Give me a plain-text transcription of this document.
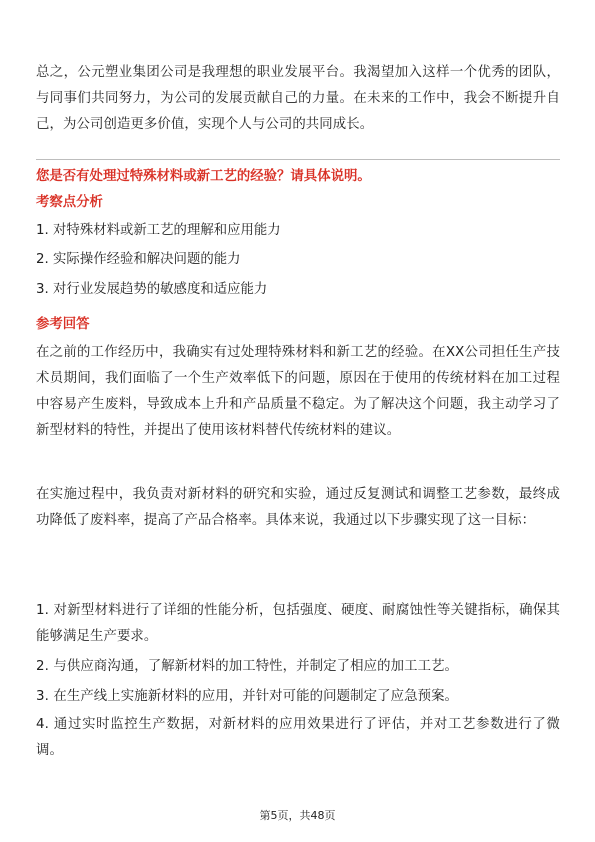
总之，公元塑业集团公司是我理想的职业发展平台。我渴望加入这样一个优秀的团队，与同事们共同努力，为公司的发展贡献自己的力量。在未来的工作中，我会不断提升自己，为公司创造更多价值，实现个人与公司的共同成长。

您是否有处理过特殊材料或新工艺的经验？请具体说明。

考察点分析

1. 对特殊材料或新工艺的理解和应用能力

2. 实际操作经验和解决问题的能力

3. 对行业发展趋势的敏感度和适应能力

参考回答

在之前的工作经历中，我确实有过处理特殊材料和新工艺的经验。在XX公司担任生产技术员期间，我们面临了一个生产效率低下的问题，原因在于使用的传统材料在加工过程中容易产生废料，导致成本上升和产品质量不稳定。为了解决这个问题，我主动学习了新型材料的特性，并提出了使用该材料替代传统材料的建议。

在实施过程中，我负责对新材料的研究和实验，通过反复测试和调整工艺参数，最终成功降低了废料率，提高了产品合格率。具体来说，我通过以下步骤实现了这一目标：

1. 对新型材料进行了详细的性能分析，包括强度、硬度、耐腐蚀性等关键指标，确保其能够满足生产要求。

2. 与供应商沟通，了解新材料的加工特性，并制定了相应的加工工艺。

3. 在生产线上实施新材料的应用，并针对可能的问题制定了应急预案。

4. 通过实时监控生产数据，对新材料的应用效果进行了评估，并对工艺参数进行了微调。

第5页，共48页
